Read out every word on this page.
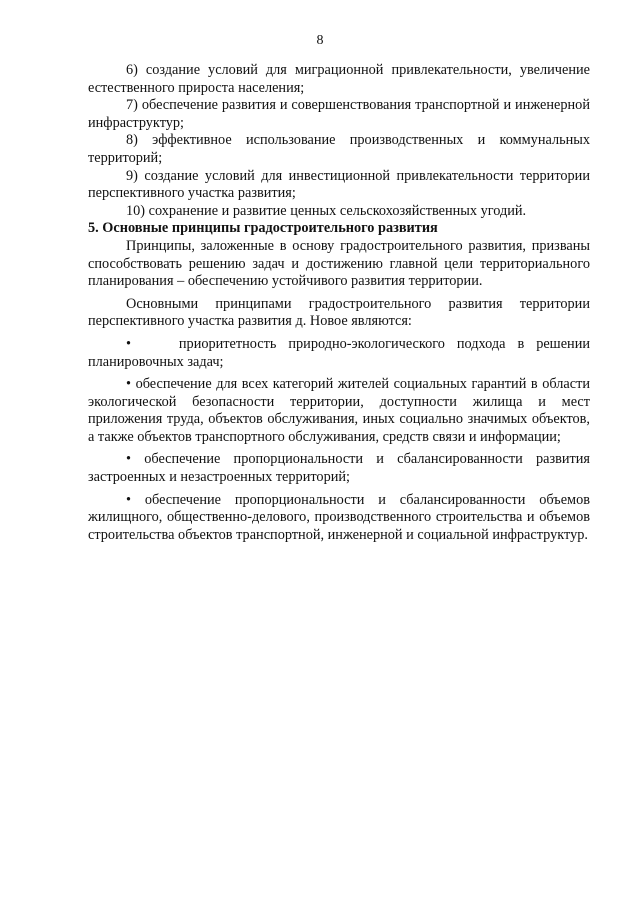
8

6) создание условий для миграционной привлекательности, увеличение естественного прироста населения;

7) обеспечение развития и совершенствования транспортной и инженерной инфраструктур;

8) эффективное использование производственных и коммунальных территорий;

9) создание условий для инвестиционной привлекательности территории перспективного участка развития;

10) сохранение и развитие ценных сельскохозяйственных угодий.

5. Основные принципы градостроительного развития

Принципы, заложенные в основу градостроительного развития, призваны способствовать решению задач и достижению главной цели территориального планирования – обеспечению устойчивого развития территории.

Основными принципами градостроительного развития территории перспективного участка развития д. Новое являются:

•	приоритетность природно-экологического подхода в решении планировочных задач;

• обеспечение для всех категорий жителей социальных гарантий в области экологической безопасности территории, доступности жилища и мест приложения труда, объектов обслуживания, иных социально значимых объектов, а также объектов транспортного обслуживания, средств связи и информации;

• обеспечение пропорциональности и сбалансированности развития застроенных и незастроенных территорий;

• обеспечение пропорциональности и сбалансированности объемов жилищного, общественно-делового, производственного строительства и объемов строительства объектов транспортной, инженерной и социальной инфраструктур.
